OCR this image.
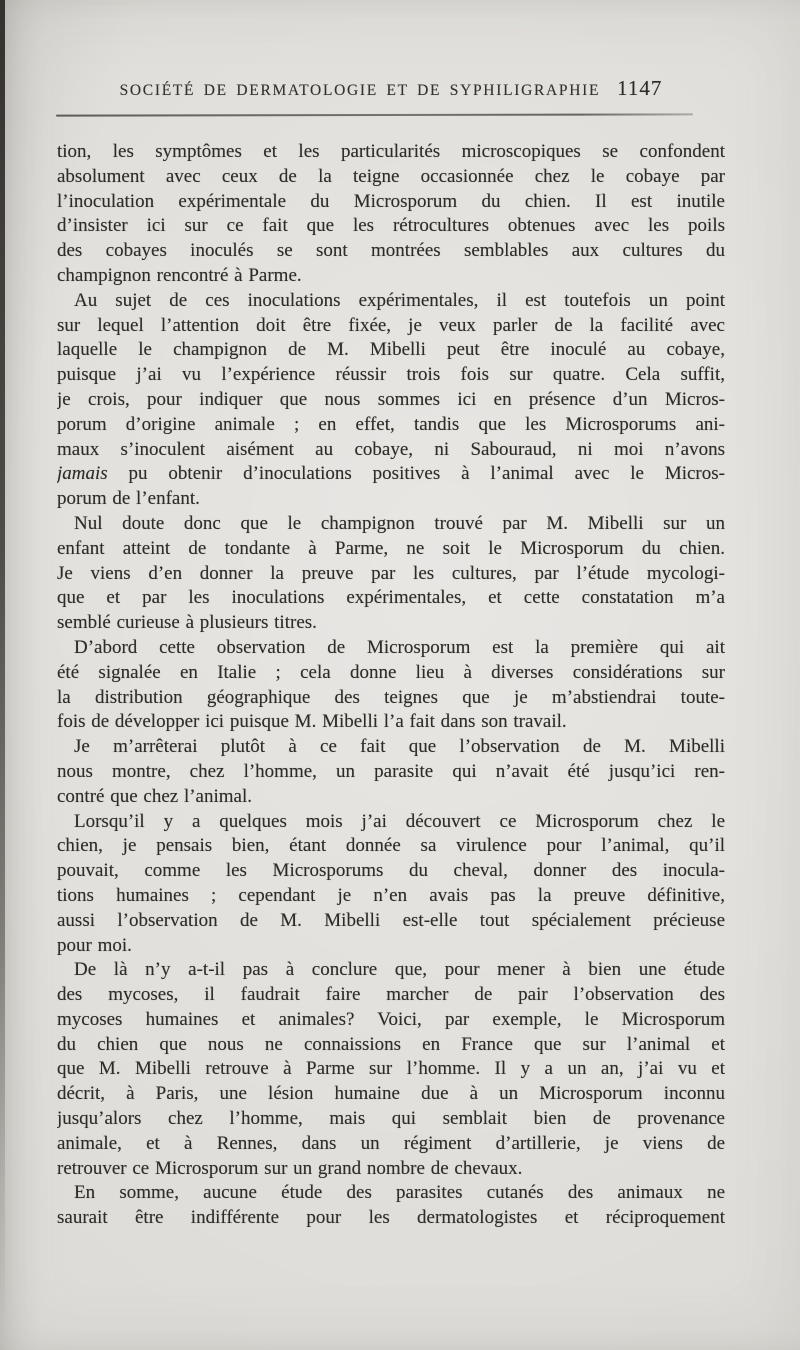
SOCIÉTÉ DE DERMATOLOGIE ET DE SYPHILIGRAPHIE 1147
tion, les symptômes et les particularités microscopiques se confondent
absolument avec ceux de la teigne occasionnée chez le cobaye par
l’inoculation expérimentale du Microsporum du chien. Il est inutile
d’insister ici sur ce fait que les rétrocultures obtenues avec les poils
des cobayes inoculés se sont montrées semblables aux cultures du
champignon rencontré à Parme.
Au sujet de ces inoculations expérimentales, il est toutefois un point
sur lequel l’attention doit être fixée, je veux parler de la facilité avec
laquelle le champignon de M. Mibelli peut être inoculé au cobaye,
puisque j’ai vu l’expérience réussir trois fois sur quatre. Cela suffit,
je crois, pour indiquer que nous sommes ici en présence d’un Micros-
porum d’origine animale ; en effet, tandis que les Microsporums ani-
maux s’inoculent aisément au cobaye, ni Sabouraud, ni moi n’avons
jamais pu obtenir d’inoculations positives à l’animal avec le Micros-
porum de l’enfant.
Nul doute donc que le champignon trouvé par M. Mibelli sur un
enfant atteint de tondante à Parme, ne soit le Microsporum du chien.
Je viens d’en donner la preuve par les cultures, par l’étude mycologi-
que et par les inoculations expérimentales, et cette constatation m’a
semblé curieuse à plusieurs titres.
D’abord cette observation de Microsporum est la première qui ait
été signalée en Italie ; cela donne lieu à diverses considérations sur
la distribution géographique des teignes que je m’abstiendrai toute-
fois de développer ici puisque M. Mibelli l’a fait dans son travail.
Je m’arrêterai plutôt à ce fait que l’observation de M. Mibelli
nous montre, chez l’homme, un parasite qui n’avait été jusqu’ici ren-
contré que chez l’animal.
Lorsqu’il y a quelques mois j’ai découvert ce Microsporum chez le
chien, je pensais bien, étant donnée sa virulence pour l’animal, qu’il
pouvait, comme les Microsporums du cheval, donner des inocula-
tions humaines ; cependant je n’en avais pas la preuve définitive,
aussi l’observation de M. Mibelli est-elle tout spécialement précieuse
pour moi.
De là n’y a-t-il pas à conclure que, pour mener à bien une étude
des mycoses, il faudrait faire marcher de pair l’observation des
mycoses humaines et animales? Voici, par exemple, le Microsporum
du chien que nous ne connaissions en France que sur l’animal et
que M. Mibelli retrouve à Parme sur l’homme. Il y a un an, j’ai vu et
décrit, à Paris, une lésion humaine due à un Microsporum inconnu
jusqu’alors chez l’homme, mais qui semblait bien de provenance
animale, et à Rennes, dans un régiment d’artillerie, je viens de
retrouver ce Microsporum sur un grand nombre de chevaux.
En somme, aucune étude des parasites cutanés des animaux ne
saurait être indifférente pour les dermatologistes et réciproquement
